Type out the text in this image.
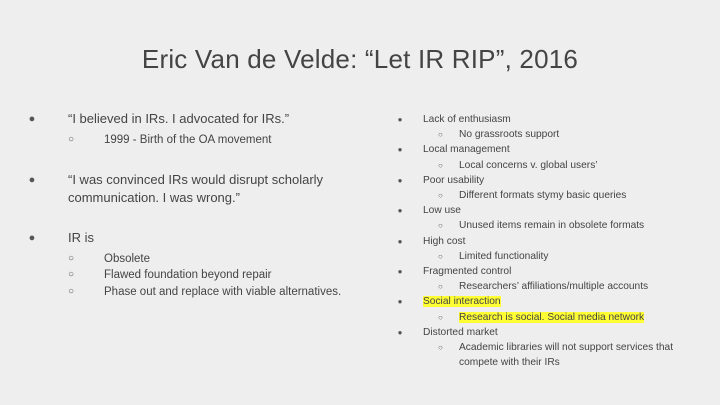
Eric Van de Velde: “Let IR RIP”, 2016
●	“I believed in IRs. I advocated for IRs.”
○	1999 - Birth of the OA movement
●	“I was convinced IRs would disrupt scholarly communication. I was wrong.”
●	IR is
○	Obsolete
○	Flawed foundation beyond repair
○	Phase out and replace with viable alternatives.
● Lack of enthusiasm
○ No grassroots support
● Local management
○ Local concerns v. global users’
● Poor usability
○ Different formats stymy basic queries
● Low use
○ Unused items remain in obsolete formats
● High cost
○ Limited functionality
● Fragmented control
○ Researchers’ affiliations/multiple accounts
● Social interaction
○ Research is social. Social media network
● Distorted market
○ Academic libraries will not support services that compete with their IRs
